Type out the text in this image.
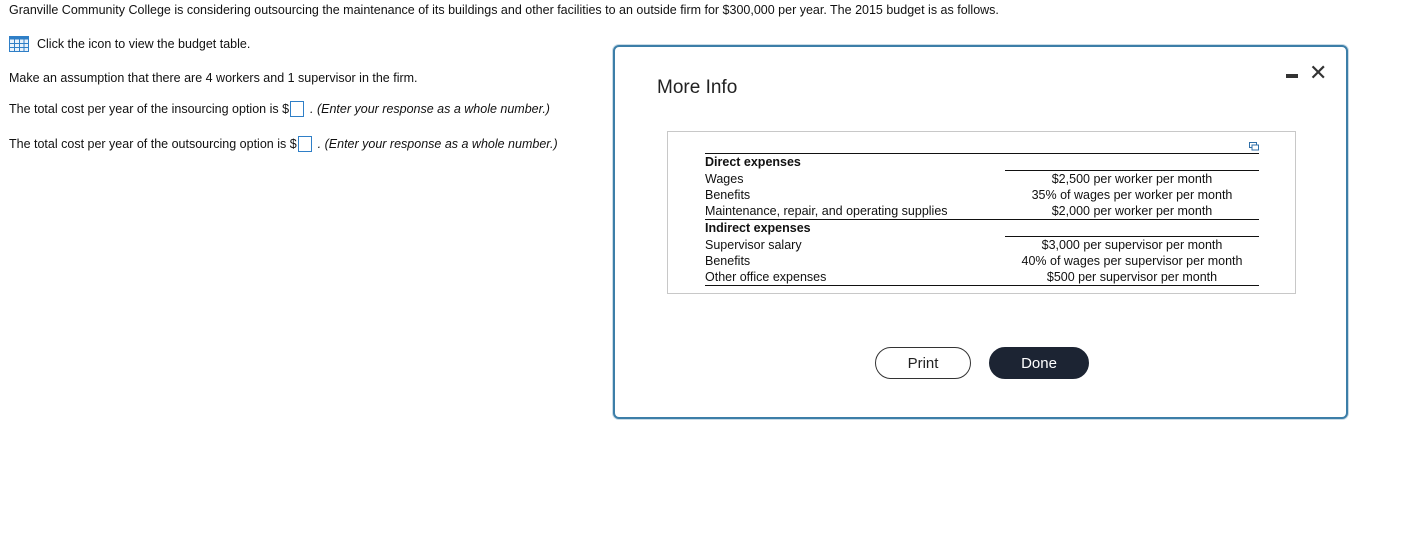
Granville Community College is considering outsourcing the maintenance of its buildings and other facilities to an outside firm for $300,000 per year. The 2015 budget is as follows.
Click the icon to view the budget table.
Make an assumption that there are 4 workers and 1 supervisor in the firm.
The total cost per year of the insourcing option is $ . (Enter your response as a whole number.)
The total cost per year of the outsourcing option is $ . (Enter your response as a whole number.)
More Info
✕
Direct expenses	
Wages	$2,500 per worker per month
Benefits	35% of wages per worker per month
Maintenance, repair, and operating supplies	$2,000 per worker per month
Indirect expenses	
Supervisor salary	$3,000 per supervisor per month
Benefits	40% of wages per supervisor per month
Other office expenses	$500 per supervisor per month
Print	Done
